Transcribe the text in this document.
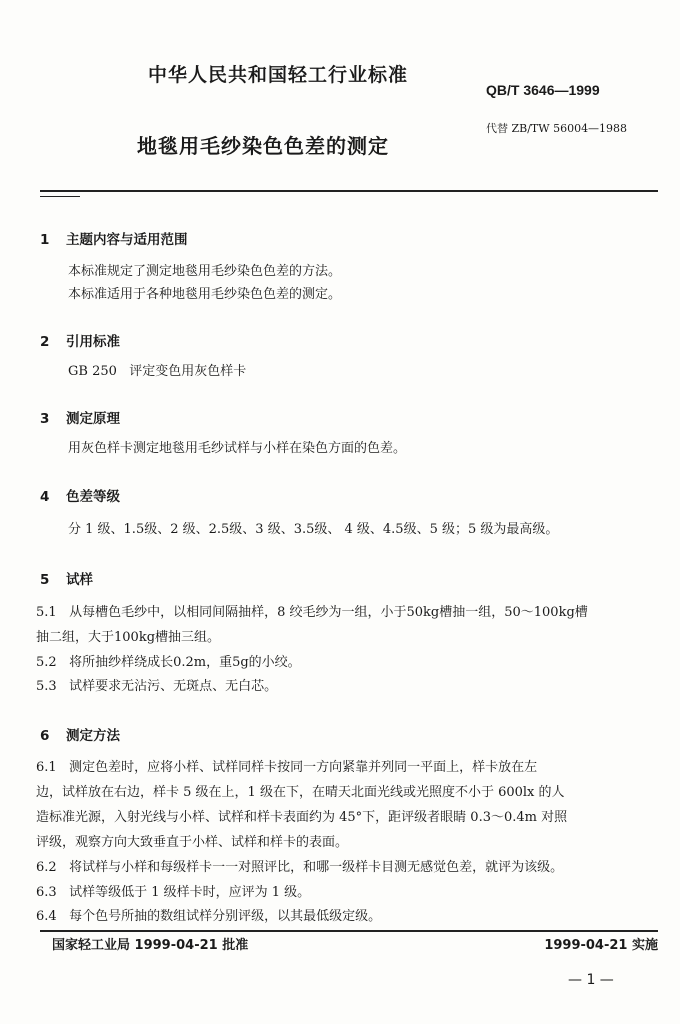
中华人民共和国轻工行业标准
QB/T 3646—1999
地毯用毛纱染色色差的测定
代替 ZB/TW 56004—1988
1 主题内容与适用范围
本标准规定了测定地毯用毛纱染色色差的方法。
本标准适用于各种地毯用毛纱染色色差的测定。
2 引用标准
GB 250   评定变色用灰色样卡
3 测定原理
用灰色样卡测定地毯用毛纱试样与小样在染色方面的色差。
4 色差等级
分 1 级、1.5级、2 级、2.5级、3 级、3.5级、 4 级、4.5级、5 级；5 级为最高级。
5 试样
5.1   从每槽色毛纱中，以相同间隔抽样，8 绞毛纱为一组，小于50kg槽抽一组，50～100kg槽
抽二组，大于100kg槽抽三组。
5.2   将所抽纱样绕成长0.2m，重5g的小绞。
5.3   试样要求无沾污、无斑点、无白芯。
6 测定方法
6.1   测定色差时，应将小样、试样同样卡按同一方向紧靠并列同一平面上，样卡放在左
边，试样放在右边，样卡 5 级在上，1 级在下，在晴天北面光线或光照度不小于 600lx 的人
造标准光源，入射光线与小样、试样和样卡表面约为 45°下，距评级者眼睛 0.3～0.4m 对照
评级，观察方向大致垂直于小样、试样和样卡的表面。
6.2   将试样与小样和每级样卡一一对照评比，和哪一级样卡目测无感觉色差，就评为该级。
6.3   试样等级低于 1 级样卡时，应评为 1 级。
6.4   每个色号所抽的数组试样分别评级，以其最低级定级。
国家轻工业局 1999-04-21 批准	1999-04-21 实施
— 1 —
